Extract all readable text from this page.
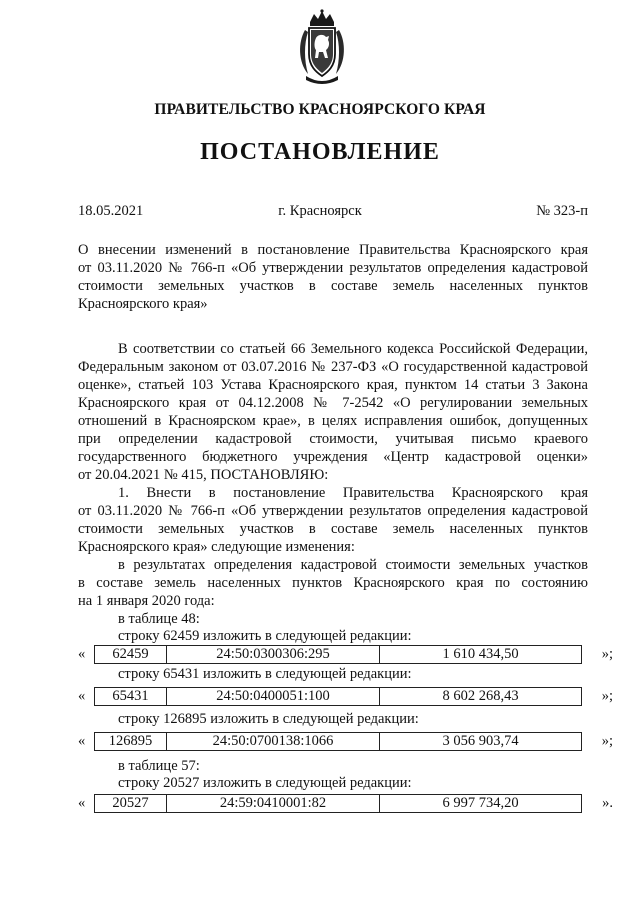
ПРАВИТЕЛЬСТВО КРАСНОЯРСКОГО КРАЯ
ПОСТАНОВЛЕНИЕ
18.05.2021	г. Красноярск	№ 323-п
О внесении изменений в постановление Правительства Красноярского края
от 03.11.2020 № 766-п «Об утверждении результатов определения кадастровой
стоимости земельных участков в составе земель населенных пунктов
Красноярского края»
В соответствии со статьей 66 Земельного кодекса Российской Федерации,
Федеральным законом от 03.07.2016 № 237-ФЗ «О государственной кадастровой
оценке», статьей 103 Устава Красноярского края, пунктом 14 статьи 3 Закона
Красноярского края от 04.12.2008 № 7-2542 «О регулировании земельных
отношений в Красноярском крае», в целях исправления ошибок, допущенных
при определении кадастровой стоимости, учитывая письмо краевого
государственного бюджетного учреждения «Центр кадастровой оценки»
от 20.04.2021 № 415, ПОСТАНОВЛЯЮ:
1. Внести в постановление Правительства Красноярского края
от 03.11.2020 № 766-п «Об утверждении результатов определения кадастровой
стоимости земельных участков в составе земель населенных пунктов
Красноярского края» следующие изменения:
в результатах определения кадастровой стоимости земельных участков
в составе земель населенных пунктов Красноярского края по состоянию
на 1 января 2020 года:
в таблице 48:
строку 62459 изложить в следующей редакции:
«	62459	24:50:0300306:295	1 610 434,50	»;
строку 65431 изложить в следующей редакции:
«	65431	24:50:0400051:100	8 602 268,43	»;
строку 126895 изложить в следующей редакции:
«	126895	24:50:0700138:1066	3 056 903,74	»;
в таблице 57:
строку 20527 изложить в следующей редакции:
«	20527	24:59:0410001:82	6 997 734,20	».
